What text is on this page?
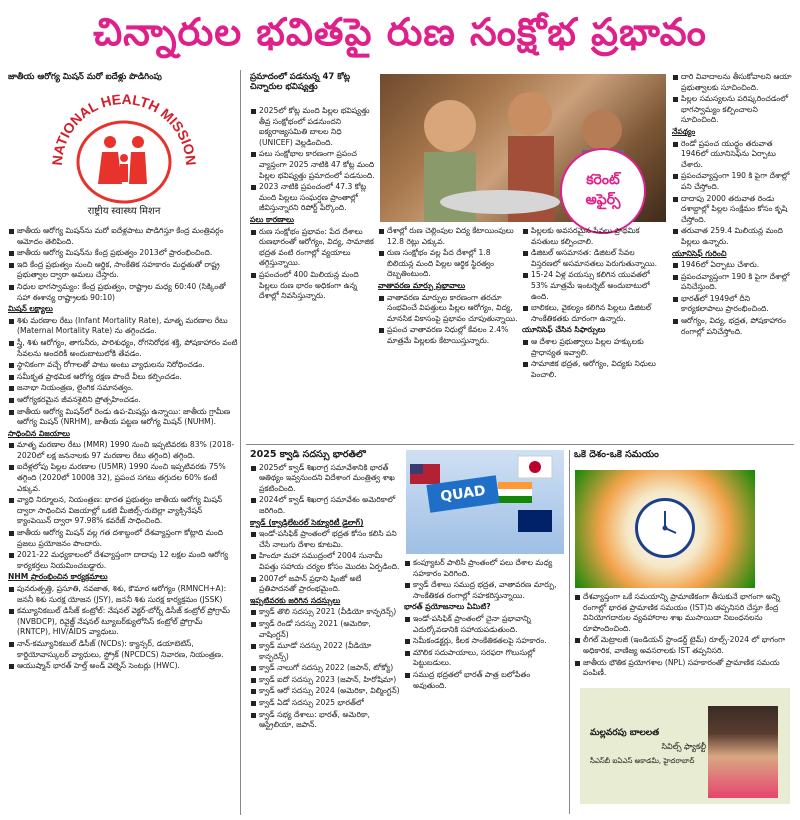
చిన్నారుల భవితపై రుణ సంక్షోభ ప్రభావం
జాతీయ ఆరోగ్య మిషన్ మరో ఐదేళ్లు పొడిగింపు
NATIONAL HEALTH MISSION
राष्ट्रीय स्वास्थ्य मिशन

జాతీయ ఆరోగ్య మిషన్‌ను మరో ఐదేళ్లపాటు పొడిగిస్తూ కేంద్ర మంత్రివర్గం ఆమోదం తెలిపింది.

జాతీయ ఆరోగ్య మిషన్‌ను కేంద్ర ప్రభుత్వం 2013లో ప్రారంభించింది.

ఇది కేంద్ర ప్రభుత్వం నుంచి ఆర్థిక, సాంకేతిక సహకారం మద్దతుతో రాష్ట్ర ప్రభుత్వాల ద్వారా అమలు చేస్తారు.

నిధుల భాగస్వామ్యం: కేంద్ర ప్రభుత్వం, రాష్ట్రాల మధ్య 60:40 (సిక్కింతో సహా ఈశాన్య రాష్ట్రాలకు 90:10)

మిషన్ లక్ష్యాలు

శిశు మరణాల రేటు (Infant Mortality Rate), మాతృ మరణాల రేటు (Maternal Mortality Rate) ను తగ్గించడం.

స్త్రీ, శిశు ఆరోగ్యం, తాగునీరు, పారిశుధ్యం, రోగనిరోధక శక్తి, పోషకాహారం వంటి సేవలను అందరికీ అందుబాటులోకి తేవడం.

స్థానికంగా వచ్చే రోగాలతో పాటు అంటు వ్యాధులను నిరోధించడం.

సమీకృత ప్రాథమిక ఆరోగ్య రక్షణ పొందే వీలు కల్పించడం.

జనాభా నియంత్రణ, లైంగిక సమానత్వం.

ఆరోగ్యకరమైన జీవనశైలిని ప్రోత్సహించడం.

జాతీయ ఆరోగ్య మిషన్‌లో రెండు ఉప-మిషన్లు ఉన్నాయి: జాతీయ గ్రామీణ ఆరోగ్య మిషన్ (NRHM), జాతీయ పట్టణ ఆరోగ్య మిషన్ (NUHM).

సాధించిన విజయాలు

మాతృ మరణాల రేటు (MMR) 1990 నుంచి ఇప్పటివరకు 83% (2018-2020లో లక్ష జననాలకు 97 మరణాల రేటు తగ్గింది) తగ్గింది.

ఐదేళ్లలోపు పిల్లల మరణాల (U5MR) 1990 నుంచి ఇప్పటివరకు 75% తగ్గింది (2020లో 1000కి 32), ప్రపంచ సగటు తగ్గుదల 60% కంటే ఎక్కువ.

వ్యాధి నిర్మూలన, నియంత్రణ: భారత ప్రభుత్వం జాతీయ ఆరోగ్య మిషన్ ద్వారా సాధించిన విజయాల్లో ఒకటి మీజిల్స్-రుబెల్లా వ్యాక్సినేషన్ క్యాంపెయిన్ ద్వారా 97.98% కవరేజ్ సాధించింది.

జాతీయ ఆరోగ్య మిషన్ వల్ల గత దశాబ్దంలో దేశవ్యాప్తంగా కోట్లాది మంది ప్రజలు ప్రయోజనం పొందారు.

2021-22 మధ్యకాలంలో దేశవ్యాప్తంగా దాదాపు 12 లక్షల మంది ఆరోగ్య కార్యకర్తలు నియమించబడ్డారు.

NHM ప్రారంభించిన కార్యక్రమాలు

పునరుత్పత్తి, ప్రసూతి, నవజాత, శిశు, కౌమార ఆరోగ్యం (RMNCH+A): జననీ శిశు సురక్ష యోజన (JSY), జననీ శిశు సురక్ష కార్యక్రమం (JSSK)

కమ్యూనికబుల్ డిసీజ్ కంట్రోల్: నేషనల్ వెక్టర్-బోర్న్ డిసీజ్ కంట్రోల్ ప్రోగ్రామ్ (NVBDCP), రివైజ్డ్ నేషనల్ ట్యూబర్‌క్యులోసిస్ కంట్రోల్ ప్రోగ్రామ్ (RNTCP), HIV/AIDS వ్యాధులు.

నాన్-కమ్యూనికబుల్ డిసీజ్ (NCDs): క్యాన్సర్, డయాబెటిస్, కార్డియోవాస్కులర్ వ్యాధులు, స్ట్రోక్ (NPCDCS) నివారణ, నియంత్రణ.

ఆయుష్మాన్ భారత్ హెల్త్ అండ్ వెల్నెస్ సెంటర్లు (HWC).

ప్రమాదంలో పడనున్న 47 కోట్ల చిన్నారుల భవిష్యత్తు
కరెంట్
అఫైర్స్

2025లో కోట్ల మంది పిల్లల భవిష్యత్తు తీవ్ర సంక్షోభంలో పడనుందని ఐక్యరాజ్యసమితి బాలల నిధి (UNICEF) వెల్లడించింది.

పలు సంక్షోభాల కారణంగా ప్రపంచ వ్యాప్తంగా 2025 నాటికి 47 కోట్ల మంది పిల్లల భవిష్యత్తు ప్రమాదంలో పడనుంది.

2023 నాటికి ప్రపంచంలో 47.3 కోట్ల మంది పిల్లలు సంఘర్షణ ప్రాంతాల్లో జీవిస్తున్నారని రిపోర్ట్ పేర్కొంది.

పలు కారణాలు

రుణ సంక్షోభం ప్రభావం: పేద దేశాలు రుణభారంతో ఆరోగ్యం, విద్య, సామాజిక భద్రత వంటి రంగాల్లో వ్యయాలు తగ్గిస్తున్నాయి.

ప్రపంచంలో 400 మిలియన్ల మంది పిల్లలు రుణ భారం అధికంగా ఉన్న దేశాల్లో నివసిస్తున్నారు.

దేశాల్లో రుణ చెల్లింపుల విద్య కేటాయింపులు 12.8 రెట్లు ఎక్కువ.

రుణ సంక్షోభం వల్ల పేద దేశాల్లో 1.8 బిలియన్ల మంది పిల్లల ఆర్థిక స్థిరత్వం దెబ్బతింటుంది.

వాతావరణ మార్పు ప్రభావాలు

వాతావరణ మార్పుల కారణంగా తరచూ సంభవించే విపత్తులు పిల్లల ఆరోగ్యం, విద్య, మానసిక వికాసంపై ప్రభావం చూపుతున్నాయి.

ప్రపంచ వాతావరణ నిధుల్లో కేవలం 2.4% మాత్రమే పిల్లలకు కేటాయిస్తున్నారు.

పిల్లలకు అవసరమైన సేవలు ప్రాథమిక వసతులు కల్పించాలి.

డిజిటల్ అసమానత: డిజిటల్ సేవల విస్తరణలో అసమానతలు పెరుగుతున్నాయి.

15-24 ఏళ్ల వయస్సు కలిగిన యువతలో 53% మాత్రమే ఇంటర్నెట్ అందుబాటులో ఉంది.

బాలికలు, వైకల్యం కలిగిన పిల్లలు డిజిటల్ సాంకేతికతకు దూరంగా ఉన్నారు.

యూనిసెఫ్ చేసిన సిఫార్సులు

ఆ దేశాల ప్రభుత్వాలు పిల్లల హక్కులకు ప్రాధాన్యత ఇవ్వాలి.

సామాజిక భద్రత, ఆరోగ్యం, విద్యకు నిధులు పెంచాలి.

దారి వివాదాలను తీసుకోవాలని ఆయా ప్రభుత్వాలకు సూచించింది.

పిల్లల సమస్యలను పరిష్కరించడంలో భాగస్వామ్యం కల్పించాలని సూచించింది.

నేపథ్యం

రెండో ప్రపంచ యుద్ధం తరువాత 1946లో యూనిసెఫ్‌ను ఏర్పాటు చేశారు.

ప్రపంచవ్యాప్తంగా 190 కి పైగా దేశాల్లో పని చేస్తోంది.

దాదాపు 2000 తరువాత రెండు దశాబ్దాల్లో పిల్లల సంక్షేమం కోసం కృషి చేస్తోంది.

తరువాత 259.4 మిలియన్ల మంది పిల్లలు ఉన్నారు.

యూనిసెఫ్ గురించి

1946లో ఏర్పాటు చేశారు.

ప్రపంచవ్యాప్తంగా 190 కి పైగా దేశాల్లో పనిచేస్తుంది.

భారత్‌లో 1949లో దీని కార్యకలాపాలు ప్రారంభించింది.

ఆరోగ్యం, విద్య, భద్రత, పోషకాహారం రంగాల్లో పనిచేస్తోంది.

2025 క్వాడ్ సదస్సు భారత్‌లో

2025లో క్వాడ్ శిఖరాగ్ర సమావేశానికి భారత్ ఆతిథ్యం ఇవ్వనుందని విదేశాంగ మంత్రిత్వ శాఖ ప్రకటించింది.

2024లో క్వాడ్ శిఖరాగ్ర సమావేశం అమెరికాలో జరిగింది.

క్వాడ్ (క్వాడ్రిలేటరల్ సెక్యూరిటీ డైలాగ్)

ఇండో-పసిఫిక్ ప్రాంతంలో భద్రత కోసం కలిసి పని చేసే నాలుగు దేశాల కూటమి.

హిందూ మహా సముద్రంలో 2004 సునామీ విపత్తు సహాయ చర్యల కోసం మొదట ఏర్పడింది.

2007లో జపాన్ ప్రధాని షింజో అబే ప్రతిపాదనతో ప్రారంభమైంది.

ఇప్పటివరకు జరిగిన సదస్సులు

క్వాడ్ తొలి సదస్సు 2021 (వీడియో కాన్ఫరెన్స్)

క్వాడ్ రెండో సదస్సు 2021 (అమెరికా, వాషింగ్టన్)

క్వాడ్ మూడో సదస్సు 2022 (వీడియో కాన్ఫరెన్స్)

క్వాడ్ నాలుగో సదస్సు 2022 (జపాన్, టోక్యో)

క్వాడ్ ఐదో సదస్సు 2023 (జపాన్, హిరోషిమా)

క్వాడ్ ఆరో సదస్సు 2024 (అమెరికా, విల్మింగ్టన్)

క్వాడ్ ఏడో సదస్సు 2025 భారత్‌లో

క్వాడ్ సభ్య దేశాలు: భారత్, అమెరికా, ఆస్ట్రేలియా, జపాన్.

QUAD

కంప్యూటర్ పాలిసీ ప్రాంతంలో పలు దేశాల మధ్య సహకారం పెరిగింది.

క్వాడ్ దేశాలు సముద్ర భద్రత, వాతావరణ మార్పు, సాంకేతికత రంగాల్లో సహకరిస్తున్నాయి.

భారత్ ప్రయోజనాలు ఏమిటి?

ఇండో-పసిఫిక్ ప్రాంతంలో చైనా ప్రభావాన్ని ఎదుర్కోవడానికి సహాయపడుతుంది.

సెమీకండక్టర్లు, కీలక సాంకేతికతలపై సహకారం.

మౌలిక సదుపాయాలు, సరఫరా గొలుసుల్లో పెట్టుబడులు.

సముద్ర భద్రతలో భారత్ పాత్ర బలోపేతం అవుతుంది.

ఒకే దేశం-ఒకే సమయం

దేశవ్యాప్తంగా ఒకే సమయాన్ని ప్రామాణికంగా తీసుకునే భాగంగా అన్ని రంగాల్లో భారత ప్రామాణిక సమయం (IST)ని తప్పనిసరి చేస్తూ కేంద్ర వినియోగదారుల వ్యవహారాల శాఖ ముసాయిదా నిబంధనలను రూపొందించింది.

లీగల్ మెట్రాలజీ (ఇండియన్ స్టాండర్డ్ టైమ్) రూల్స్-2024 లో భాగంగా అధికారిక, వాణిజ్య అవసరాలకు IST తప్పనిసరి.

జాతీయ భౌతిక ప్రయోగశాల (NPL) సహకారంతో ప్రామాణిక సమయ పంపిణీ.

మల్లవరపు బాలలత
సివిల్స్ ఫ్యాకల్టీ
సీఎస్‌బీ ఐఏఎస్ అకాడమీ, హైదరాబాద్
